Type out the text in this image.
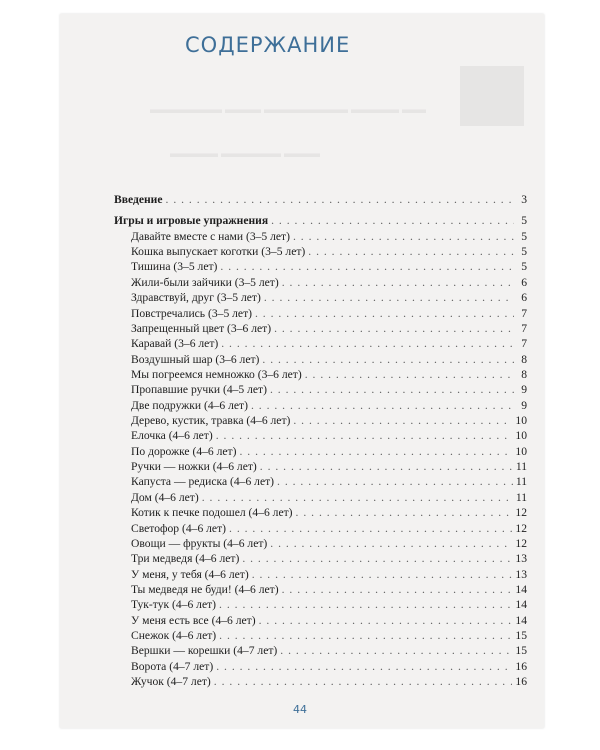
▬▬▬▬▬▬ ▬▬▬ ▬▬▬▬▬▬▬ ▬▬▬▬ ▬▬
▬▬▬▬ ▬▬▬▬▬ ▬▬▬
СОДЕРЖАНИЕ
Введение . . .	3
Игры и игровые упражнения . . .	5
Давайте вместе с нами (3–5 лет) . . .	5
Кошка выпускает коготки (3–5 лет) . . .	5
Тишина (3–5 лет) . . .	5
Жили-были зайчики (3–5 лет) . . .	6
Здравствуй, друг (3–5 лет) . . .	6
Повстречались (3–5 лет) . . .	7
Запрещенный цвет (3–6 лет) . . .	7
Каравай (3–6 лет) . . .	7
Воздушный шар (3–6 лет) . . .	8
Мы погреемся немножко (3–6 лет) . . .	8
Пропавшие ручки (4–5 лет) . . .	9
Две подружки (4–6 лет) . . .	9
Дерево, кустик, травка (4–6 лет) . . .	10
Елочка (4–6 лет) . . .	10
По дорожке (4–6 лет) . . .	10
Ручки — ножки (4–6 лет) . . .	11
Капуста — редиска (4–6 лет) . . .	11
Дом (4–6 лет) . . .	11
Котик к печке подошел (4–6 лет) . . .	12
Светофор (4–6 лет) . . .	12
Овощи — фрукты (4–6 лет) . . .	12
Три медведя (4–6 лет) . . .	13
У меня, у тебя (4–6 лет) . . .	13
Ты медведя не буди! (4–6 лет) . . .	14
Тук-тук (4–6 лет) . . .	14
У меня есть все (4–6 лет) . . .	14
Снежок (4–6 лет) . . .	15
Вершки — корешки (4–7 лет) . . .	15
Ворота (4–7 лет) . . .	16
Жучок (4–7 лет) . . .	16
44
